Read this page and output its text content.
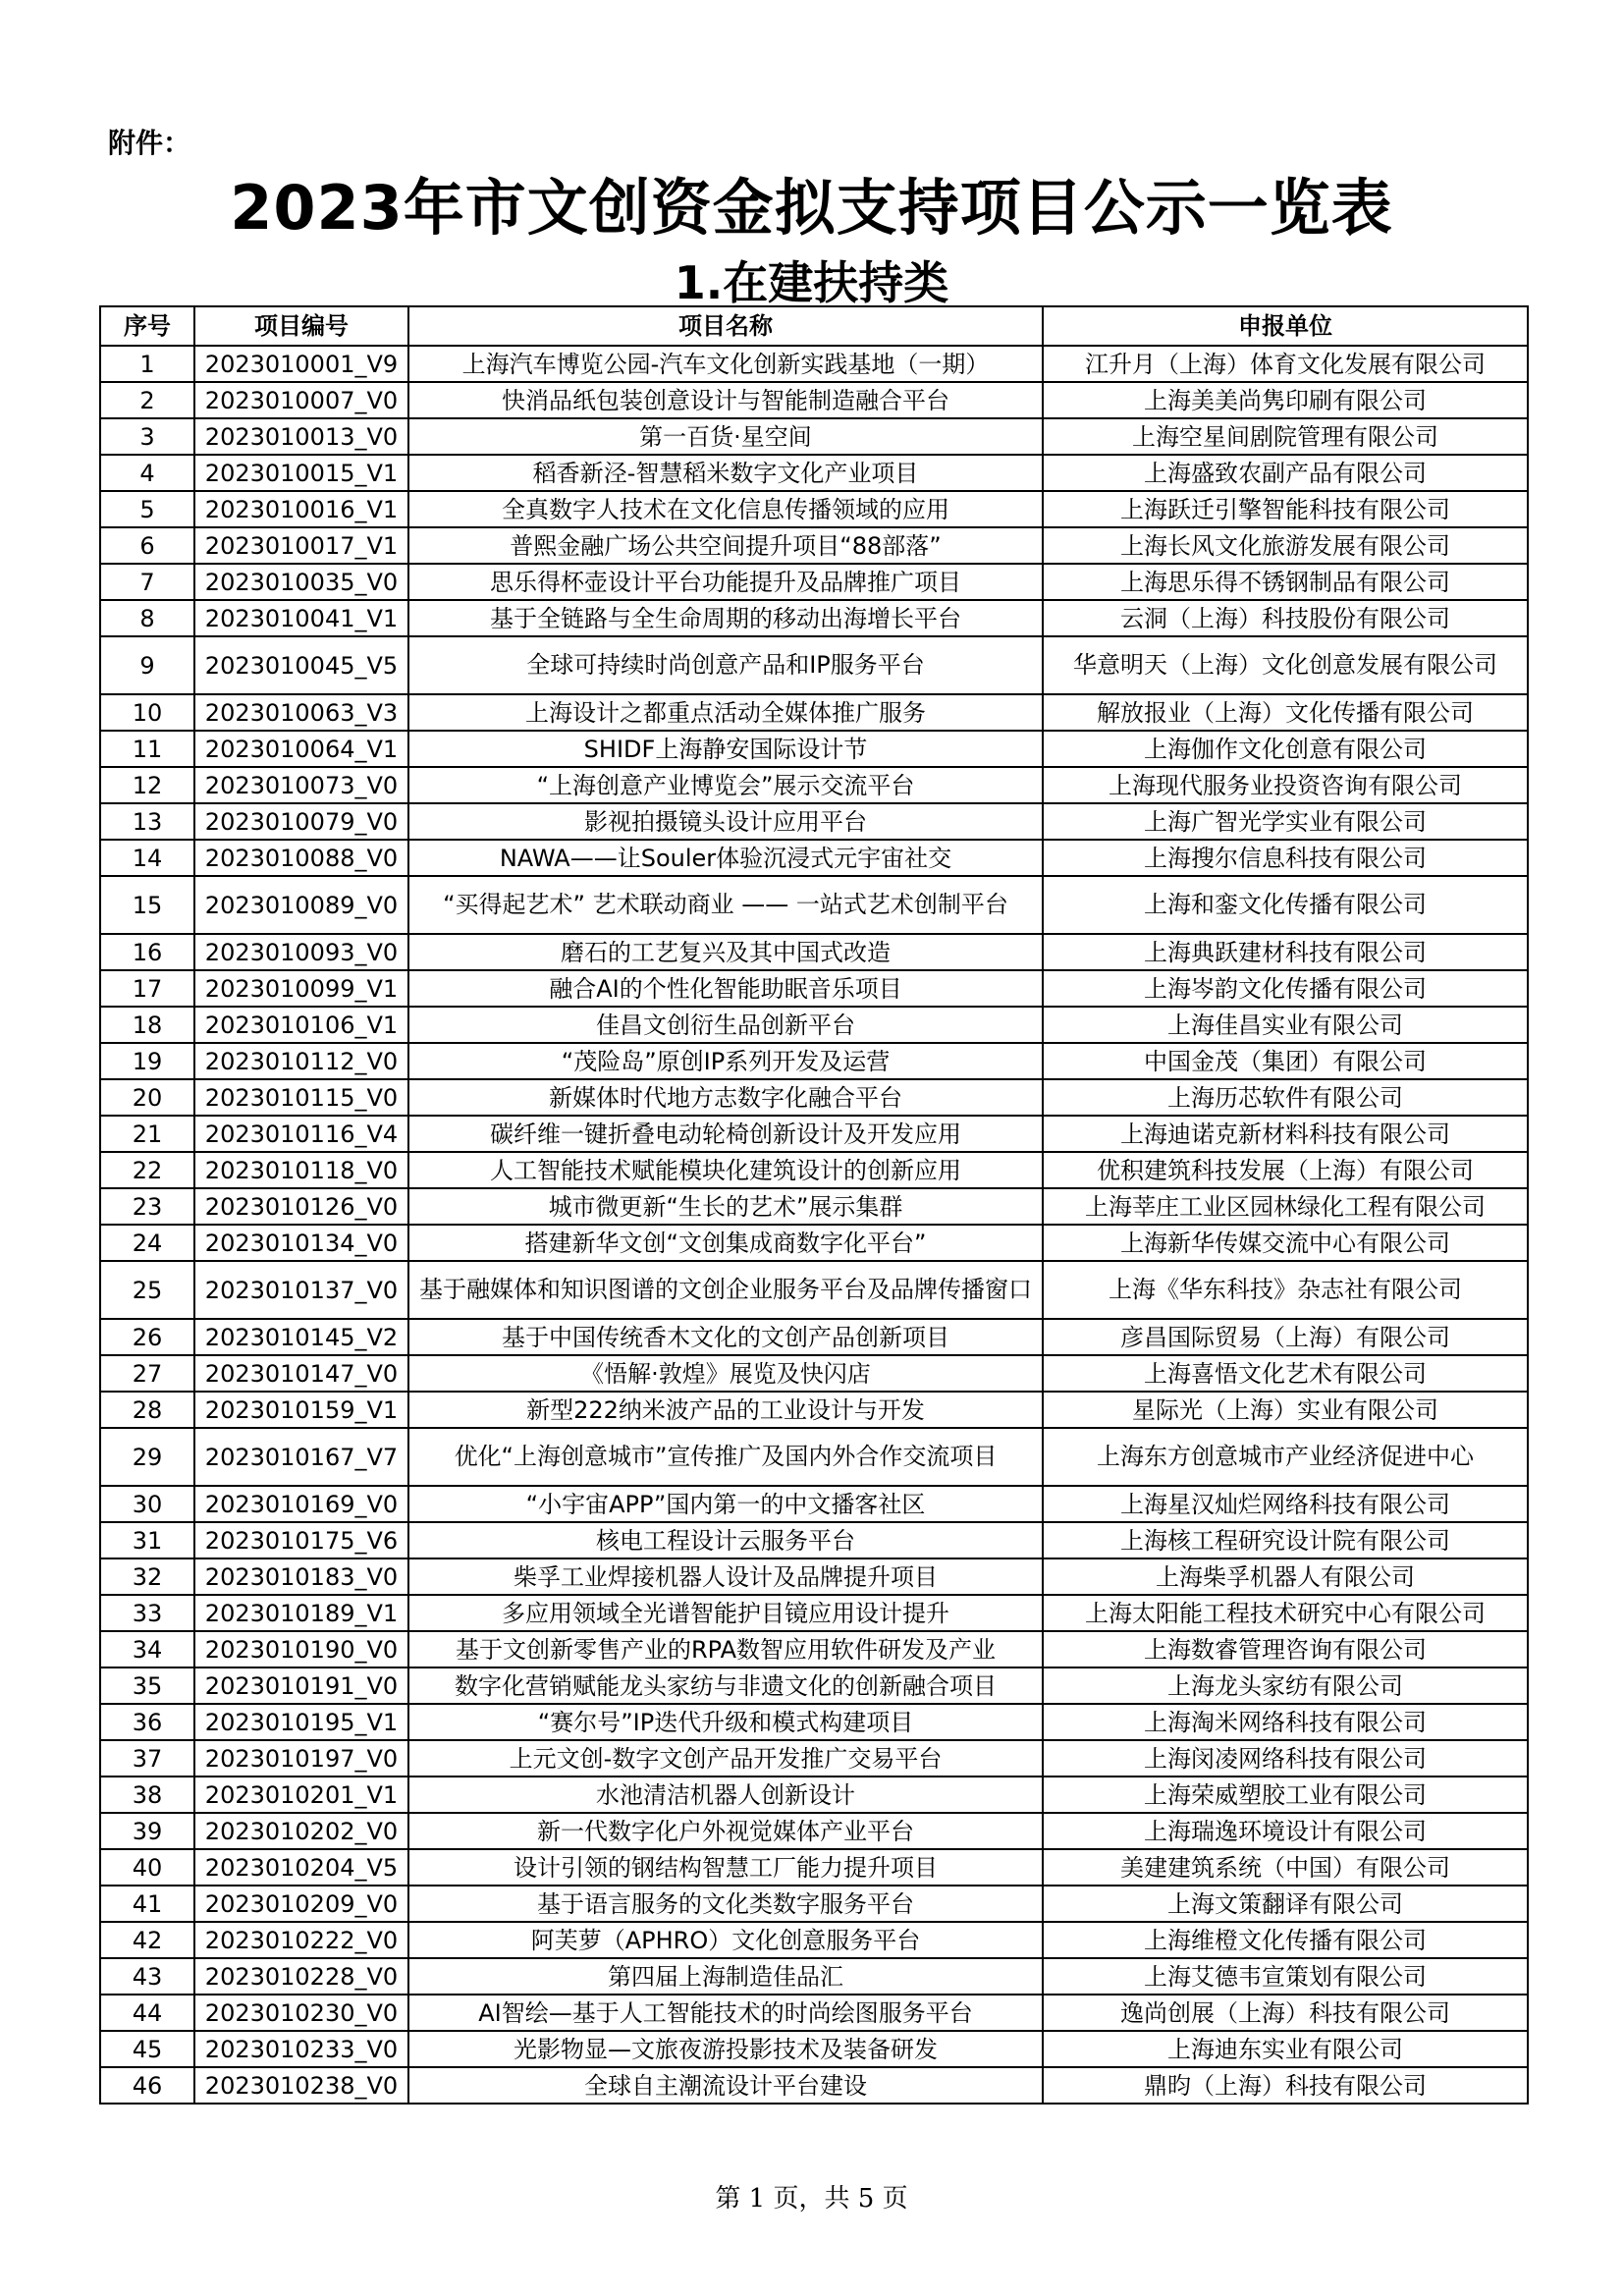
附件：
2023年市文创资金拟支持项目公示一览表
1.在建扶持类
序号	项目编号	项目名称	申报单位
1	2023010001_V9	上海汽车博览公园-汽车文化创新实践基地（一期）	江升月（上海）体育文化发展有限公司
2	2023010007_V0	快消品纸包装创意设计与智能制造融合平台	上海美美尚隽印刷有限公司
3	2023010013_V0	第一百货·星空间	上海空星间剧院管理有限公司
4	2023010015_V1	稻香新泾-智慧稻米数字文化产业项目	上海盛致农副产品有限公司
5	2023010016_V1	全真数字人技术在文化信息传播领域的应用	上海跃迁引擎智能科技有限公司
6	2023010017_V1	普熙金融广场公共空间提升项目“88部落”	上海长风文化旅游发展有限公司
7	2023010035_V0	思乐得杯壶设计平台功能提升及品牌推广项目	上海思乐得不锈钢制品有限公司
8	2023010041_V1	基于全链路与全生命周期的移动出海增长平台	云洞（上海）科技股份有限公司
9	2023010045_V5	全球可持续时尚创意产品和IP服务平台	华意明天（上海）文化创意发展有限公司
10	2023010063_V3	上海设计之都重点活动全媒体推广服务	解放报业（上海）文化传播有限公司
11	2023010064_V1	SHIDF上海静安国际设计节	上海伽作文化创意有限公司
12	2023010073_V0	“上海创意产业博览会”展示交流平台	上海现代服务业投资咨询有限公司
13	2023010079_V0	影视拍摄镜头设计应用平台	上海广智光学实业有限公司
14	2023010088_V0	NAWA——让Souler体验沉浸式元宇宙社交	上海搜尔信息科技有限公司
15	2023010089_V0	“买得起艺术” 艺术联动商业 —— 一站式艺术创制平台	上海和銮文化传播有限公司
16	2023010093_V0	磨石的工艺复兴及其中国式改造	上海典跃建材科技有限公司
17	2023010099_V1	融合AI的个性化智能助眠音乐项目	上海岑韵文化传播有限公司
18	2023010106_V1	佳昌文创衍生品创新平台	上海佳昌实业有限公司
19	2023010112_V0	“茂险岛”原创IP系列开发及运营	中国金茂（集团）有限公司
20	2023010115_V0	新媒体时代地方志数字化融合平台	上海历芯软件有限公司
21	2023010116_V4	碳纤维一键折叠电动轮椅创新设计及开发应用	上海迪诺克新材料科技有限公司
22	2023010118_V0	人工智能技术赋能模块化建筑设计的创新应用	优积建筑科技发展（上海）有限公司
23	2023010126_V0	城市微更新“生长的艺术”展示集群	上海莘庄工业区园林绿化工程有限公司
24	2023010134_V0	搭建新华文创“文创集成商数字化平台”	上海新华传媒交流中心有限公司
25	2023010137_V0	基于融媒体和知识图谱的文创企业服务平台及品牌传播窗口	上海《华东科技》杂志社有限公司
26	2023010145_V2	基于中国传统香木文化的文创产品创新项目	彦昌国际贸易（上海）有限公司
27	2023010147_V0	《悟解·敦煌》展览及快闪店	上海喜悟文化艺术有限公司
28	2023010159_V1	新型222纳米波产品的工业设计与开发	星际光（上海）实业有限公司
29	2023010167_V7	优化“上海创意城市”宣传推广及国内外合作交流项目	上海东方创意城市产业经济促进中心
30	2023010169_V0	“小宇宙APP”国内第一的中文播客社区	上海星汉灿烂网络科技有限公司
31	2023010175_V6	核电工程设计云服务平台	上海核工程研究设计院有限公司
32	2023010183_V0	柴孚工业焊接机器人设计及品牌提升项目	上海柴孚机器人有限公司
33	2023010189_V1	多应用领域全光谱智能护目镜应用设计提升	上海太阳能工程技术研究中心有限公司
34	2023010190_V0	基于文创新零售产业的RPA数智应用软件研发及产业	上海数睿管理咨询有限公司
35	2023010191_V0	数字化营销赋能龙头家纺与非遗文化的创新融合项目	上海龙头家纺有限公司
36	2023010195_V1	“赛尔号”IP迭代升级和模式构建项目	上海淘米网络科技有限公司
37	2023010197_V0	上元文创-数字文创产品开发推广交易平台	上海闵凌网络科技有限公司
38	2023010201_V1	水池清洁机器人创新设计	上海荣威塑胶工业有限公司
39	2023010202_V0	新一代数字化户外视觉媒体产业平台	上海瑞逸环境设计有限公司
40	2023010204_V5	设计引领的钢结构智慧工厂能力提升项目	美建建筑系统（中国）有限公司
41	2023010209_V0	基于语言服务的文化类数字服务平台	上海文策翻译有限公司
42	2023010222_V0	阿芙萝（APHRO）文化创意服务平台	上海维橙文化传播有限公司
43	2023010228_V0	第四届上海制造佳品汇	上海艾德韦宣策划有限公司
44	2023010230_V0	AI智绘—基于人工智能技术的时尚绘图服务平台	逸尚创展（上海）科技有限公司
45	2023010233_V0	光影物显—文旅夜游投影技术及装备研发	上海迪东实业有限公司
46	2023010238_V0	全球自主潮流设计平台建设	鼎昀（上海）科技有限公司
第 1 页，共 5 页
